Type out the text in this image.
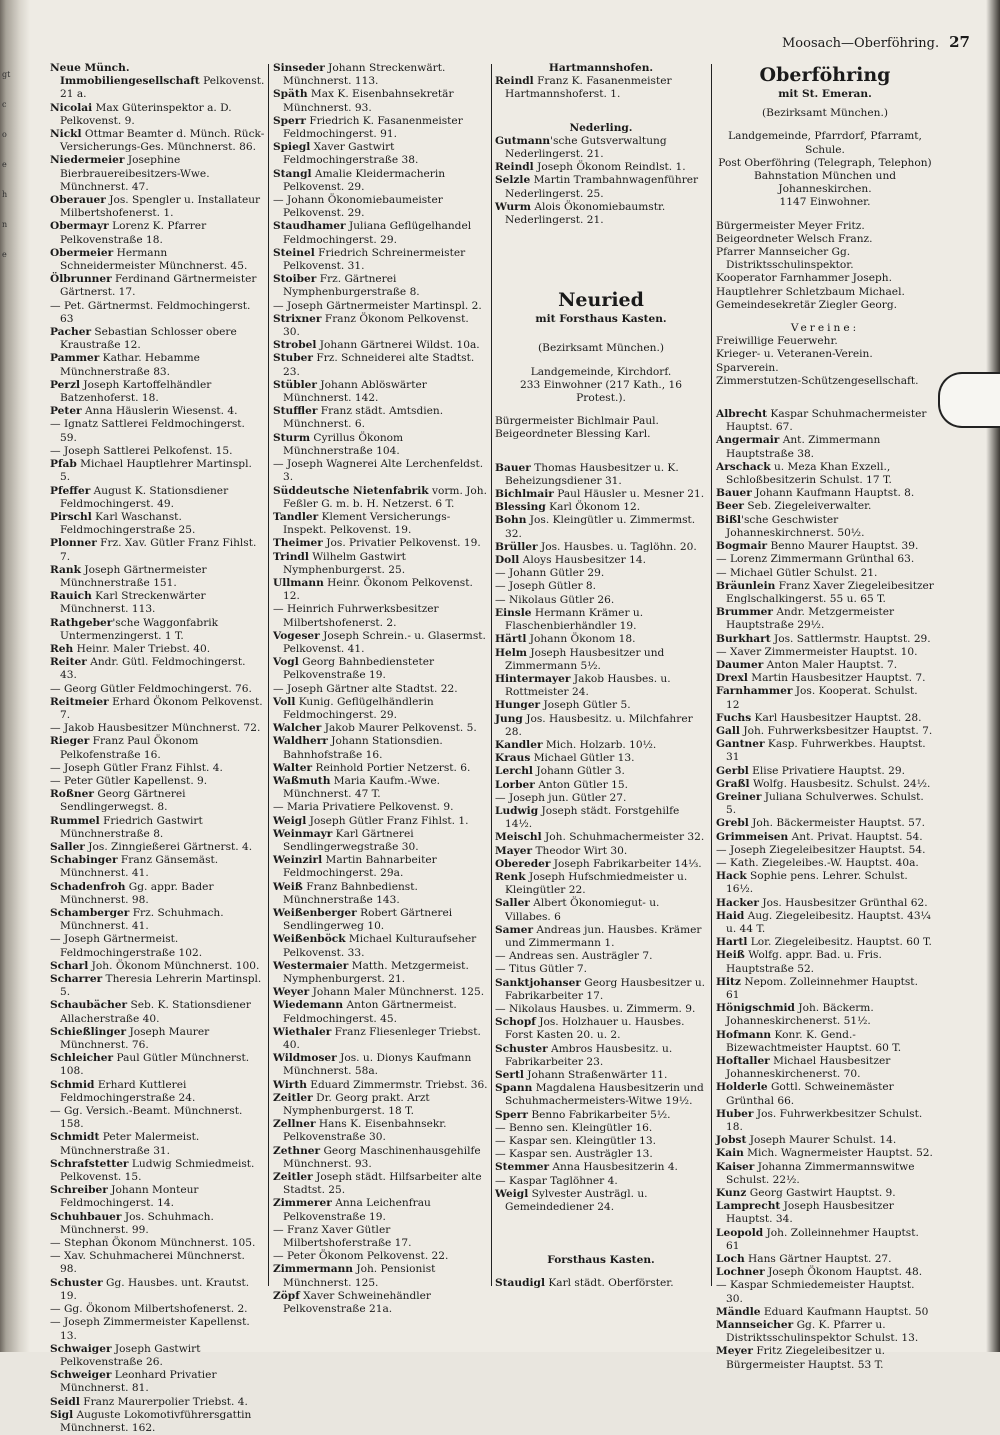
gt
c
o
e
h
n
e
Moosach—Oberföhring. 27

Neue Münch. Immobiliengesellschaft Pelkovenst. 21 a.

Nicolai Max Güterinspektor a. D. Pelkovenst. 9.

Nickl Ottmar Beamter d. Münch. Rück-Versicherungs-Ges. Münchnerst. 86.

Niedermeier Josephine Bierbrauereibesitzers-Wwe. Münchnerst. 47.

Oberauer Jos. Spengler u. Installateur Milbertshofenerst. 1.

Obermayr Lorenz K. Pfarrer Pelkovenstraße 18.

Obermeier Hermann Schneidermeister Münchnerst. 45.

Ölbrunner Ferdinand Gärtnermeister Gärtnerst. 17.

— Pet. Gärtnermst. Feldmochingerst. 63

Pacher Sebastian Schlosser obere Kraustraße 12.

Pammer Kathar. Hebamme Münchnerstraße 83.

Perzl Joseph Kartoffelhändler Batzenhoferst. 18.

Peter Anna Häuslerin Wiesenst. 4.

— Ignatz Sattlerei Feldmochingerst. 59.

— Joseph Sattlerei Pelkofenst. 15.

Pfab Michael Hauptlehrer Martinspl. 5.

Pfeffer August K. Stationsdiener Feldmochingerst. 49.

Pirschl Karl Waschanst. Feldmochingerstraße 25.

Plonner Frz. Xav. Gütler Franz Fihlst. 7.

Rank Joseph Gärtnermeister Münchnerstraße 151.

Rauich Karl Streckenwärter Münchnerst. 113.

Rathgeber'sche Waggonfabrik Untermenzingerst. 1 T.

Reh Heinr. Maler Triebst. 40.

Reiter Andr. Gütl. Feldmochingerst. 43.

— Georg Gütler Feldmochingerst. 76.

Reitmeier Erhard Ökonom Pelkovenst. 7.

— Jakob Hausbesitzer Münchnerst. 72.

Rieger Franz Paul Ökonom Pelkofenstraße 16.

— Joseph Gütler Franz Fihlst. 4.

— Peter Gütler Kapellenst. 9.

Roßner Georg Gärtnerei Sendlingerwegst. 8.

Rummel Friedrich Gastwirt Münchnerstraße 8.

Saller Jos. Zinngießerei Gärtnerst. 4.

Schabinger Franz Gänsemäst. Münchnerst. 41.

Schadenfroh Gg. appr. Bader Münchnerst. 98.

Schamberger Frz. Schuhmach. Münchnerst. 41.

— Joseph Gärtnermeist. Feldmochingerstraße 102.

Scharl Joh. Ökonom Münchnerst. 100.

Scharrer Theresia Lehrerin Martinspl. 5.

Schaubächer Seb. K. Stationsdiener Allacherstraße 40.

Schießlinger Joseph Maurer Münchnerst. 76.

Schleicher Paul Gütler Münchnerst. 108.

Schmid Erhard Kuttlerei Feldmochingerstraße 24.

— Gg. Versich.-Beamt. Münchnerst. 158.

Schmidt Peter Malermeist. Münchnerstraße 31.

Schrafstetter Ludwig Schmiedmeist. Pelkovenst. 15.

Schreiber Johann Monteur Feldmochingerst. 14.

Schuhbauer Jos. Schuhmach. Münchnerst. 99.

— Stephan Ökonom Münchnerst. 105.

— Xav. Schuhmacherei Münchnerst. 98.

Schuster Gg. Hausbes. unt. Krautst. 19.

— Gg. Ökonom Milbertshofenerst. 2.

— Joseph Zimmermeister Kapellenst. 13.

Schwaiger Joseph Gastwirt Pelkovenstraße 26.

Schweiger Leonhard Privatier Münchnerst. 81.

Seidl Franz Maurerpolier Triebst. 4.

Sigl Auguste Lokomotivführersgattin Münchnerst. 162.

Sinseder Johann Streckenwärt. Münchnerst. 113.

Späth Max K. Eisenbahnsekretär Münchnerst. 93.

Sperr Friedrich K. Fasanenmeister Feldmochingerst. 91.

Spiegl Xaver Gastwirt Feldmochingerstraße 38.

Stangl Amalie Kleidermacherin Pelkovenst. 29.

— Johann Ökonomiebaumeister Pelkovenst. 29.

Staudhamer Juliana Geflügelhandel Feldmochingerst. 29.

Steinel Friedrich Schreinermeister Pelkovenst. 31.

Stoiber Frz. Gärtnerei Nymphenburgerstraße 8.

— Joseph Gärtnermeister Martinspl. 2.

Strixner Franz Ökonom Pelkovenst. 30.

Strobel Johann Gärtnerei Wildst. 10a.

Stuber Frz. Schneiderei alte Stadtst. 23.

Stübler Johann Ablöswärter Münchnerst. 142.

Stuffler Franz städt. Amtsdien. Münchnerst. 6.

Sturm Cyrillus Ökonom Münchnerstraße 104.

— Joseph Wagnerei Alte Lerchenfeldst. 3.

Süddeutsche Nietenfabrik vorm. Joh. Feßler G. m. b. H. Netzerst. 6 T.

Tandler Klement Versicherungs-Inspekt. Pelkovenst. 19.

Theimer Jos. Privatier Pelkovenst. 19.

Trindl Wilhelm Gastwirt Nymphenburgerst. 25.

Ullmann Heinr. Ökonom Pelkovenst. 12.

— Heinrich Fuhrwerksbesitzer Milbertshofenerst. 2.

Vogeser Joseph Schrein.- u. Glasermst. Pelkovenst. 41.

Vogl Georg Bahnbediensteter Pelkovenstraße 19.

— Joseph Gärtner alte Stadtst. 22.

Voll Kunig. Geflügelhändlerin Feldmochingerst. 29.

Walcher Jakob Maurer Pelkovenst. 5.

Waldherr Johann Stationsdien. Bahnhofstraße 16.

Walter Reinhold Portier Netzerst. 6.

Waßmuth Maria Kaufm.-Wwe. Münchnerst. 47 T.

— Maria Privatiere Pelkovenst. 9.

Weigl Joseph Gütler Franz Fihlst. 1.

Weinmayr Karl Gärtnerei Sendlingerwegstraße 30.

Weinzirl Martin Bahnarbeiter Feldmochingerst. 29a.

Weiß Franz Bahnbedienst. Münchnerstraße 143.

Weißenberger Robert Gärtnerei Sendlingerweg 10.

Weißenböck Michael Kulturaufseher Pelkovenst. 33.

Westermaier Matth. Metzgermeist. Nymphenburgerst. 21.

Weyer Johann Maler Münchnerst. 125.

Wiedemann Anton Gärtnermeist. Feldmochingerst. 45.

Wiethaler Franz Fliesenleger Triebst. 40.

Wildmoser Jos. u. Dionys Kaufmann Münchnerst. 58a.

Wirth Eduard Zimmermstr. Triebst. 36.

Zeitler Dr. Georg prakt. Arzt Nymphenburgerst. 18 T.

Zellner Hans K. Eisenbahnsekr. Pelkovenstraße 30.

Zethner Georg Maschinenhausgehilfe Münchnerst. 93.

Zeitler Joseph städt. Hilfsarbeiter alte Stadtst. 25.

Zimmerer Anna Leichenfrau Pelkovenstraße 19.

— Franz Xaver Gütler Milbertshoferstraße 17.

— Peter Ökonom Pelkovenst. 22.

Zimmermann Joh. Pensionist Münchnerst. 125.

Zöpf Xaver Schweinehändler Pelkovenstraße 21a.

Hartmannshofen.

Reindl Franz K. Fasanenmeister Hartmannshoferst. 1.

Nederling.

Gutmann'sche Gutsverwaltung Nederlingerst. 21.

Reindl Joseph Ökonom Reindlst. 1.

Selzle Martin Trambahnwagenführer Nederlingerst. 25.

Wurm Alois Ökonomiebaumstr. Nederlingerst. 21.

Neuried

mit Forsthaus Kasten.

(Bezirksamt München.)

Landgemeinde, Kirchdorf.

233 Einwohner (217 Kath., 16 Protest.).

Bürgermeister Bichlmair Paul.

Beigeordneter Blessing Karl.

Bauer Thomas Hausbesitzer u. K. Beheizungsdiener 31.

Bichlmair Paul Häusler u. Mesner 21.

Blessing Karl Ökonom 12.

Bohn Jos. Kleingütler u. Zimmermst. 32.

Brüller Jos. Hausbes. u. Taglöhn. 20.

Doll Aloys Hausbesitzer 14.

— Johann Gütler 29.

— Joseph Gütler 8.

— Nikolaus Gütler 26.

Einsle Hermann Krämer u. Flaschenbierhändler 19.

Härtl Johann Ökonom 18.

Helm Joseph Hausbesitzer und Zimmermann 5½.

Hintermayer Jakob Hausbes. u. Rottmeister 24.

Hunger Joseph Gütler 5.

Jung Jos. Hausbesitz. u. Milchfahrer 28.

Kandler Mich. Holzarb. 10½.

Kraus Michael Gütler 13.

Lerchl Johann Gütler 3.

Lorber Anton Gütler 15.

— Joseph jun. Gütler 27.

Ludwig Joseph städt. Forstgehilfe 14½.

Meischl Joh. Schuhmachermeister 32.

Mayer Theodor Wirt 30.

Obereder Joseph Fabrikarbeiter 14⅓.

Renk Joseph Hufschmiedmeister u. Kleingütler 22.

Saller Albert Ökonomiegut- u. Villabes. 6

Samer Andreas jun. Hausbes. Krämer und Zimmermann 1.

— Andreas sen. Austrägler 7.

— Titus Gütler 7.

Sanktjohanser Georg Hausbesitzer u. Fabrikarbeiter 17.

— Nikolaus Hausbes. u. Zimmerm. 9.

Schopf Jos. Holzhauer u. Hausbes. Forst Kasten 20. u. 2.

Schuster Ambros Hausbesitz. u. Fabrikarbeiter 23.

Sertl Johann Straßenwärter 11.

Spann Magdalena Hausbesitzerin und Schuhmachermeisters-Witwe 19½.

Sperr Benno Fabrikarbeiter 5½.

— Benno sen. Kleingütler 16.

— Kaspar sen. Kleingütler 13.

— Kaspar sen. Austrägler 13.

Stemmer Anna Hausbesitzerin 4.

— Kaspar Taglöhner 4.

Weigl Sylvester Austrägl. u. Gemeindediener 24.

Forsthaus Kasten.

Staudigl Karl städt. Oberförster.

Oberföhring

mit St. Emeran.

(Bezirksamt München.)

Landgemeinde, Pfarrdorf, Pfarramt, Schule.

Post Oberföhring (Telegraph, Telephon) Bahnstation München und Johanneskirchen.

1147 Einwohner.

Bürgermeister Meyer Fritz.

Beigeordneter Welsch Franz.

Pfarrer Mannseicher Gg. Distriktsschulinspektor.

Kooperator Farnhammer Joseph.

Hauptlehrer Schletzbaum Michael.

Gemeindesekretär Ziegler Georg.

Vereine:

Freiwillige Feuerwehr.

Krieger- u. Veteranen-Verein.

Sparverein.

Zimmerstutzen-Schützengesellschaft.

Albrecht Kaspar Schuhmachermeister Hauptst. 67.

Angermair Ant. Zimmermann Hauptstraße 38.

Arschack u. Meza Khan Exzell., Schloßbesitzerin Schulst. 17 T.

Bauer Johann Kaufmann Hauptst. 8.

Beer Seb. Ziegeleiverwalter.

Bißl'sche Geschwister Johanneskirchnerst. 50½.

Bogmair Benno Maurer Hauptst. 39.

— Lorenz Zimmermann Grünthal 63.

— Michael Gütler Schulst. 21.

Bräunlein Franz Xaver Ziegeleibesitzer Englschalkingerst. 55 u. 65 T.

Brummer Andr. Metzgermeister Hauptstraße 29½.

Burkhart Jos. Sattlermstr. Hauptst. 29.

— Xaver Zimmermeister Hauptst. 10.

Daumer Anton Maler Hauptst. 7.

Drexl Martin Hausbesitzer Hauptst. 7.

Farnhammer Jos. Kooperat. Schulst. 12

Fuchs Karl Hausbesitzer Hauptst. 28.

Gall Joh. Fuhrwerksbesitzer Hauptst. 7.

Gantner Kasp. Fuhrwerkbes. Hauptst. 31

Gerbl Elise Privatiere Hauptst. 29.

Graßl Wolfg. Hausbesitz. Schulst. 24½.

Greiner Juliana Schulverwes. Schulst. 5.

Grebl Joh. Bäckermeister Hauptst. 57.

Grimmeisen Ant. Privat. Hauptst. 54.

— Joseph Ziegeleibesitzer Hauptst. 54.

— Kath. Ziegeleibes.-W. Hauptst. 40a.

Hack Sophie pens. Lehrer. Schulst. 16½.

Hacker Jos. Hausbesitzer Grünthal 62.

Haid Aug. Ziegeleibesitz. Hauptst. 43¼ u. 44 T.

Hartl Lor. Ziegeleibesitz. Hauptst. 60 T.

Heiß Wolfg. appr. Bad. u. Fris. Hauptstraße 52.

Hitz Nepom. Zolleinnehmer Hauptst. 61

Hönigschmid Joh. Bäckerm. Johanneskirchenerst. 51½.

Hofmann Konr. K. Gend.-Bizewachtmeister Hauptst. 60 T.

Hoftaller Michael Hausbesitzer Johanneskirchenerst. 70.

Holderle Gottl. Schweinemäster Grünthal 66.

Huber Jos. Fuhrwerkbesitzer Schulst. 18.

Jobst Joseph Maurer Schulst. 14.

Kain Mich. Wagnermeister Hauptst. 52.

Kaiser Johanna Zimmermannswitwe Schulst. 22½.

Kunz Georg Gastwirt Hauptst. 9.

Lamprecht Joseph Hausbesitzer Hauptst. 34.

Leopold Joh. Zolleinnehmer Hauptst. 61

Loch Hans Gärtner Hauptst. 27.

Lochner Joseph Ökonom Hauptst. 48.

— Kaspar Schmiedemeister Hauptst. 30.

Mändle Eduard Kaufmann Hauptst. 50

Mannseicher Gg. K. Pfarrer u. Distriktsschulinspektor Schulst. 13.

Meyer Fritz Ziegeleibesitzer u. Bürgermeister Hauptst. 53 T.
